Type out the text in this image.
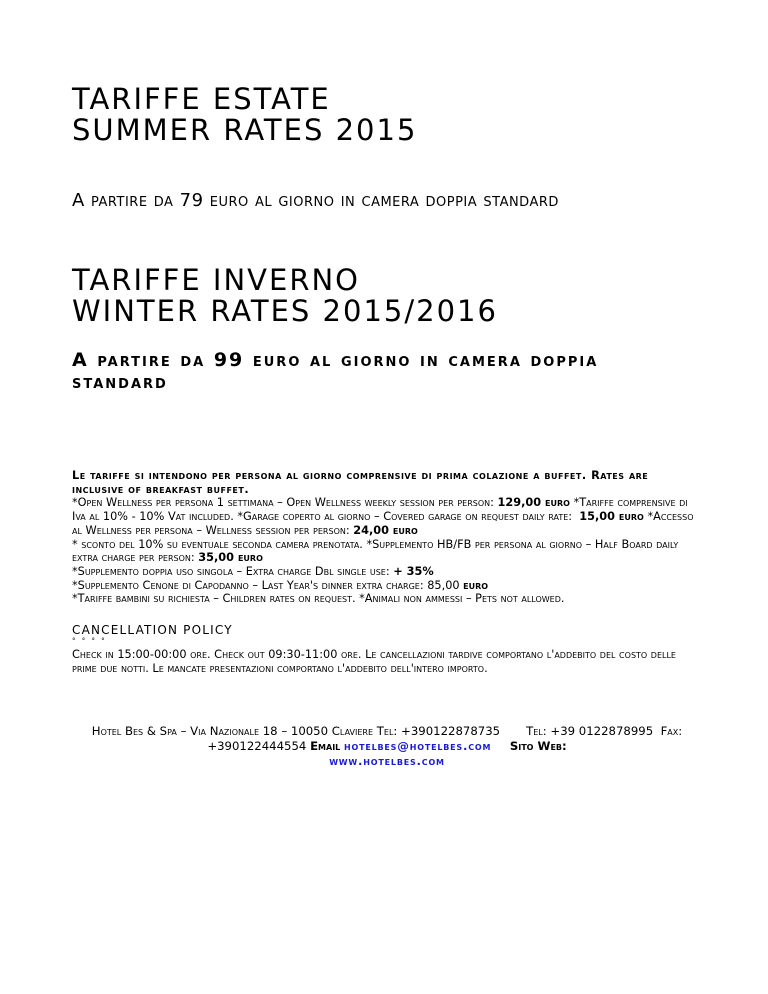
TARIFFE ESTATE
SUMMER RATES 2015
A partire da 79 euro al giorno in camera doppia standard
TARIFFE INVERNO
WINTER RATES 2015/2016
A partire da 99 euro al giorno in camera doppia standard
Le tariffe si intendono per persona al giorno comprensive di prima colazione a buffet. Rates are inclusive of breakfast buffet.
*Open Wellness per persona 1 settimana – Open Wellness weekly session per person: 129,00 euro *Tariffe comprensive di Iva al 10% - 10% Vat included. *Garage coperto al giorno – Covered garage on request daily rate: 15,00 euro *Accesso al Wellness per persona – Wellness session per person: 24,00 euro
* sconto del 10% su eventuale seconda camera prenotata. *Supplemento HB/FB per persona al giorno – Half Board daily extra charge per person: 35,00 euro
*Supplemento doppia uso singola – Extra charge Dbl single use: + 35%
*Supplemento Cenone di Capodanno – Last Year's dinner extra charge: 85,00 euro
*Tariffe bambini su richiesta – Children rates on request. *Animali non ammessi – Pets not allowed.
CANCELLATION POLICY
° ° ° °
Check in 15:00-00:00 ore. Check out 09:30-11:00 ore. Le cancellazioni tardive comportano l'addebito del costo delle prime due notti. Le mancate presentazioni comportano l'addebito dell'intero importo.
Hotel Bes & Spa – Via Nazionale 18 – 10050 Claviere Tel: +390122878735 Tel: +39 0122878995 Fax: +390122444554 Email hotelbes@hotelbes.com Sito Web:
www.hotelbes.com
